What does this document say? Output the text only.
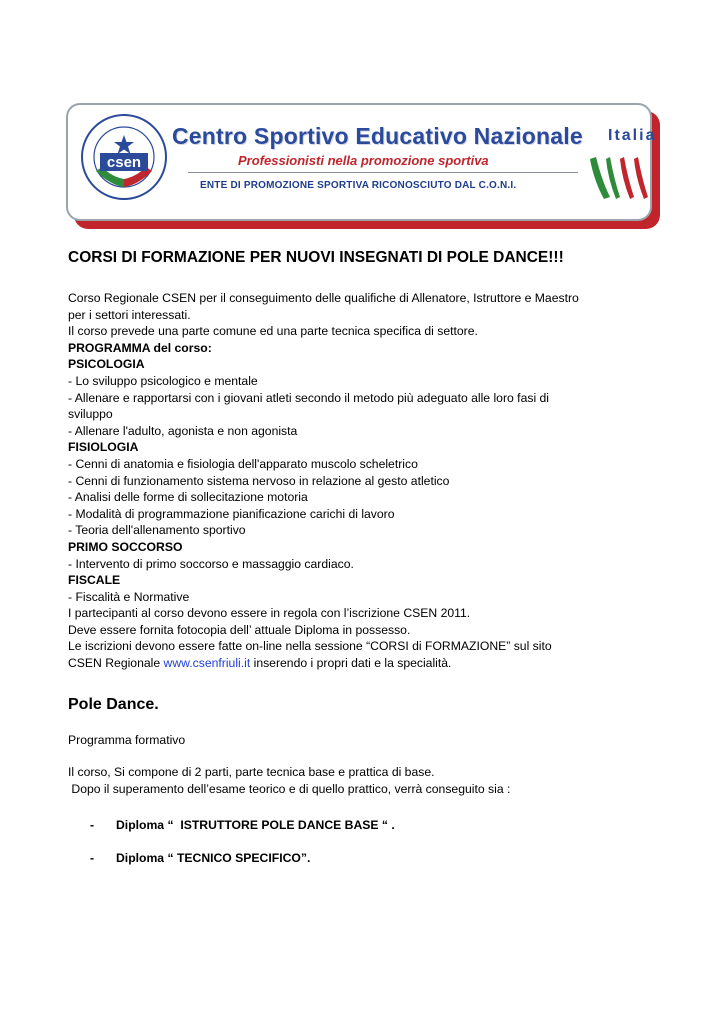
csen
Centro Sportivo Educativo Nazionale Italia
Professionisti nella promozione sportiva
ENTE DI PROMOZIONE SPORTIVA RICONOSCIUTO DAL C.O.N.I.
CORSI DI FORMAZIONE PER NUOVI INSEGNATI DI POLE DANCE!!!

Corso Regionale CSEN per il conseguimento delle qualifiche di Allenatore, Istruttore e Maestro

per i settori interessati.

Il corso prevede una parte comune ed una parte tecnica specifica di settore.

PROGRAMMA del corso:

PSICOLOGIA

- Lo sviluppo psicologico e mentale

- Allenare e rapportarsi con i giovani atleti secondo il metodo più adeguato alle loro fasi di

sviluppo

- Allenare l'adulto, agonista e non agonista

FISIOLOGIA

- Cenni di anatomia e fisiologia dell'apparato muscolo scheletrico

- Cenni di funzionamento sistema nervoso in relazione al gesto atletico

- Analisi delle forme di sollecitazione motoria

- Modalità di programmazione pianificazione carichi di lavoro

- Teoria dell'allenamento sportivo

PRIMO SOCCORSO

- Intervento di primo soccorso e massaggio cardiaco.

FISCALE

- Fiscalità e Normative

I partecipanti al corso devono essere in regola con l’iscrizione CSEN 2011.

Deve essere fornita fotocopia dell’ attuale Diploma in possesso.

Le iscrizioni devono essere fatte on-line nella sessione “CORSI di FORMAZIONE” sul sito

CSEN Regionale www.csenfriuli.it inserendo i propri dati e la specialità.

Pole Dance.

Programma formativo

Il corso, Si compone di 2 parti, parte tecnica base e prattica di base.

Dopo il superamento dell’esame teorico e di quello prattico, verrà conseguito sia :

-	Diploma “  ISTRUTTORE POLE DANCE BASE “ .
-	Diploma “ TECNICO SPECIFICO”.
